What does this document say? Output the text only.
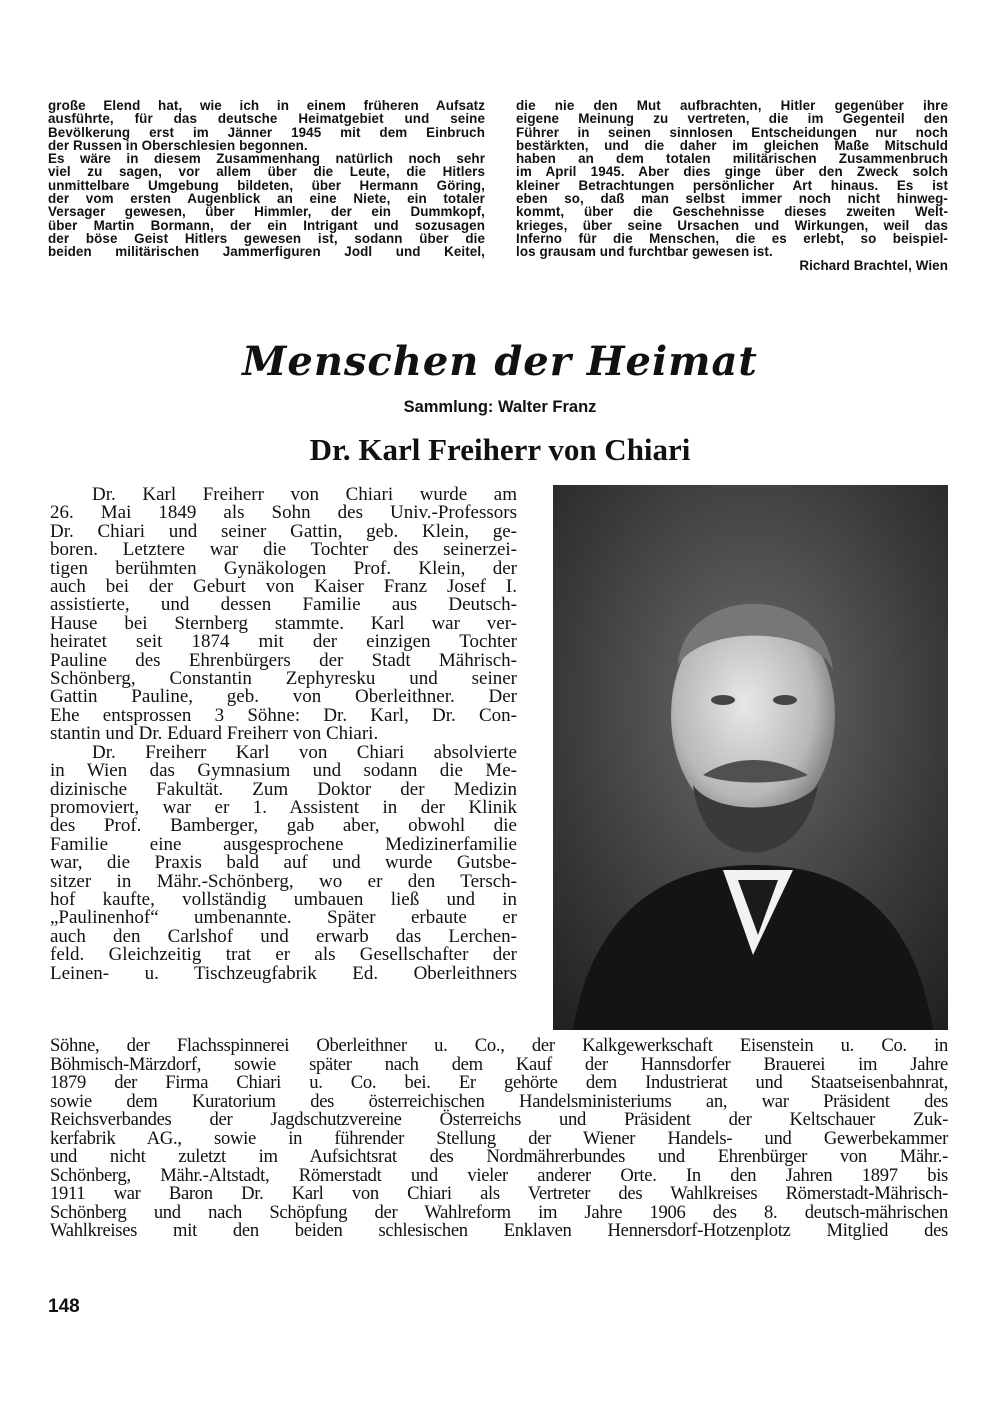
große Elend hat, wie ich in einem früheren Aufsatz
ausführte, für das deutsche Heimatgebiet und seine
Bevölkerung erst im Jänner 1945 mit dem Einbruch
der Russen in Oberschlesien begonnen.
Es wäre in diesem Zusammenhang natürlich noch sehr
viel zu sagen, vor allem über die Leute, die Hitlers
unmittelbare Umgebung bildeten, über Hermann Göring,
der vom ersten Augenblick an eine Niete, ein totaler
Versager gewesen, über Himmler, der ein Dummkopf,
über Martin Bormann, der ein Intrigant und sozusagen
der böse Geist Hitlers gewesen ist, sodann über die
beiden militärischen Jammerfiguren Jodl und Keitel,
die nie den Mut aufbrachten, Hitler gegenüber ihre
eigene Meinung zu vertreten, die im Gegenteil den
Führer in seinen sinnlosen Entscheidungen nur noch
bestärkten, und die daher im gleichen Maße Mitschuld
haben an dem totalen militärischen Zusammenbruch
im April 1945. Aber dies ginge über den Zweck solch
kleiner Betrachtungen persönlicher Art hinaus. Es ist
eben so, daß man selbst immer noch nicht hinweg-
kommt, über die Geschehnisse dieses zweiten Welt-
krieges, über seine Ursachen und Wirkungen, weil das
Inferno für die Menschen, die es erlebt, so beispiel-
los grausam und furchtbar gewesen ist.
Richard Brachtel, Wien
Menschen der Heimat
Sammlung: Walter Franz
Dr. Karl Freiherr von Chiari
Dr. Karl Freiherr von Chiari wurde am
26. Mai 1849 als Sohn des Univ.-Professors
Dr. Chiari und seiner Gattin, geb. Klein, ge-
boren. Letztere war die Tochter des seinerzei-
tigen berühmten Gynäkologen Prof. Klein, der
auch bei der Geburt von Kaiser Franz Josef I.
assistierte, und dessen Familie aus Deutsch-
Hause bei Sternberg stammte. Karl war ver-
heiratet seit 1874 mit der einzigen Tochter
Pauline des Ehrenbürgers der Stadt Mährisch-
Schönberg, Constantin Zephyresku und seiner
Gattin Pauline, geb. von Oberleithner. Der
Ehe entsprossen 3 Söhne: Dr. Karl, Dr. Con-
stantin und Dr. Eduard Freiherr von Chiari.
Dr. Freiherr Karl von Chiari absolvierte
in Wien das Gymnasium und sodann die Me-
dizinische Fakultät. Zum Doktor der Medizin
promoviert, war er 1. Assistent in der Klinik
des Prof. Bamberger, gab aber, obwohl die
Familie eine ausgesprochene Medizinerfamilie
war, die Praxis bald auf und wurde Gutsbe-
sitzer in Mähr.-Schönberg, wo er den Tersch-
hof kaufte, vollständig umbauen ließ und in
„Paulinenhof“ umbenannte. Später erbaute er
auch den Carlshof und erwarb das Lerchen-
feld. Gleichzeitig trat er als Gesellschafter der
Leinen- u. Tischzeugfabrik Ed. Oberleithners
Söhne, der Flachsspinnerei Oberleithner u. Co., der Kalkgewerkschaft Eisenstein u. Co. in
Böhmisch-Märzdorf, sowie später nach dem Kauf der Hannsdorfer Brauerei im Jahre
1879 der Firma Chiari u. Co. bei. Er gehörte dem Industrierat und Staatseisenbahnrat,
sowie dem Kuratorium des österreichischen Handelsministeriums an, war Präsident des
Reichsverbandes der Jagdschutzvereine Österreichs und Präsident der Keltschauer Zuk-
kerfabrik AG., sowie in führender Stellung der Wiener Handels- und Gewerbekammer
und nicht zuletzt im Aufsichtsrat des Nordmährerbundes und Ehrenbürger von Mähr.-
Schönberg, Mähr.-Altstadt, Römerstadt und vieler anderer Orte. In den Jahren 1897 bis
1911 war Baron Dr. Karl von Chiari als Vertreter des Wahlkreises Römerstadt-Mährisch-
Schönberg und nach Schöpfung der Wahlreform im Jahre 1906 des 8. deutsch-mährischen
Wahlkreises mit den beiden schlesischen Enklaven Hennersdorf-Hotzenplotz Mitglied des
148
